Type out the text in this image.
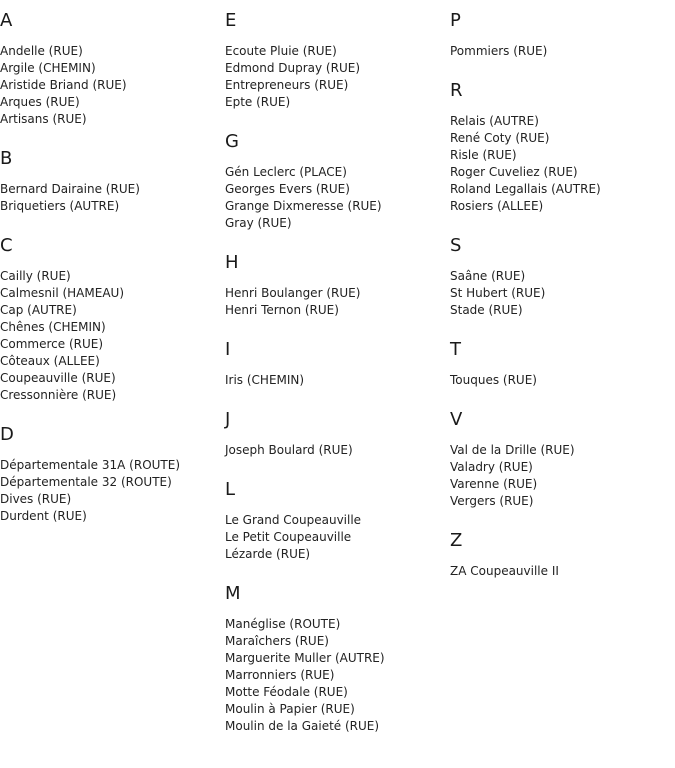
A
Andelle (RUE)
Argile (CHEMIN)
Aristide Briand (RUE)
Arques (RUE)
Artisans (RUE)
B
Bernard Dairaine (RUE)
Briquetiers (AUTRE)
C
Cailly (RUE)
Calmesnil (HAMEAU)
Cap (AUTRE)
Chênes (CHEMIN)
Commerce (RUE)
Côteaux (ALLEE)
Coupeauville (RUE)
Cressonnière (RUE)
D
Départementale 31A (ROUTE)
Départementale 32 (ROUTE)
Dives (RUE)
Durdent (RUE)
E
Ecoute Pluie (RUE)
Edmond Dupray (RUE)
Entrepreneurs (RUE)
Epte (RUE)
G
Gén Leclerc (PLACE)
Georges Evers (RUE)
Grange Dixmeresse (RUE)
Gray (RUE)
H
Henri Boulanger (RUE)
Henri Ternon (RUE)
I
Iris (CHEMIN)
J
Joseph Boulard (RUE)
L
Le Grand Coupeauville
Le Petit Coupeauville
Lézarde (RUE)
M
Manéglise (ROUTE)
Maraîchers (RUE)
Marguerite Muller (AUTRE)
Marronniers (RUE)
Motte Féodale (RUE)
Moulin à Papier (RUE)
Moulin de la Gaieté (RUE)
P
Pommiers (RUE)
R
Relais (AUTRE)
René Coty (RUE)
Risle (RUE)
Roger Cuveliez (RUE)
Roland Legallais (AUTRE)
Rosiers (ALLEE)
S
Saâne (RUE)
St Hubert (RUE)
Stade (RUE)
T
Touques (RUE)
V
Val de la Drille (RUE)
Valadry (RUE)
Varenne (RUE)
Vergers (RUE)
Z
ZA Coupeauville II
